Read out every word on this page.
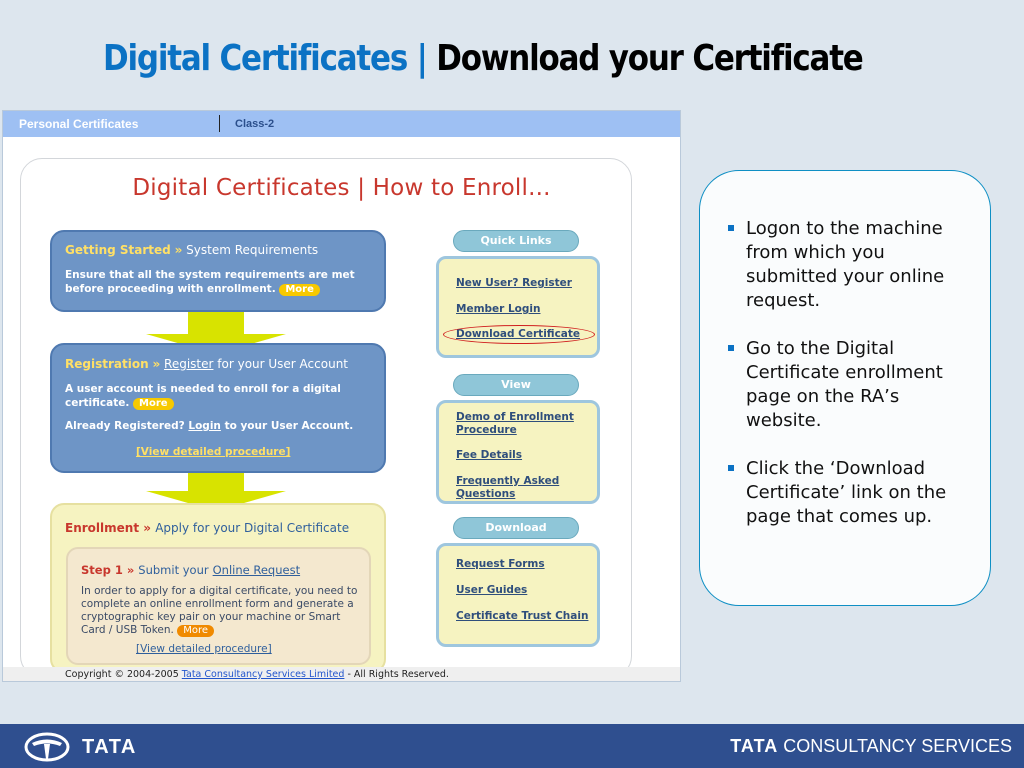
Digital Certificates | Download your Certificate
Personal Certificates	Class-2
Digital Certificates | How to Enroll...
Getting Started » System Requirements

Ensure that all the system requirements are met before proceeding with enrollment. More

Registration » Register for your User Account

A user account is needed to enroll for a digital certificate. More

Already Registered? Login to your User Account.

[View detailed procedure]

Enrollment » Apply for your Digital Certificate
Step 1 » Submit your Online Request

In order to apply for a digital certificate, you need to complete an online enrollment form and generate a cryptographic key pair on your machine or Smart Card / USB Token. More

[View detailed procedure]
Quick Links
New User? Register
Member Login
Download Certificate
View
Demo of Enrollment Procedure
Fee Details
Frequently Asked Questions
Download
Request Forms
User Guides
Certificate Trust Chain
Copyright © 2004-2005 Tata Consultancy Services Limited - All Rights Reserved.
Logon to the machine from which you submitted your online request.
Go to the Digital Certificate enrollment page on the RA’s website.
Click the ‘Download Certificate’ link on the page that comes up.
TATA	TATA CONSULTANCY SERVICES
